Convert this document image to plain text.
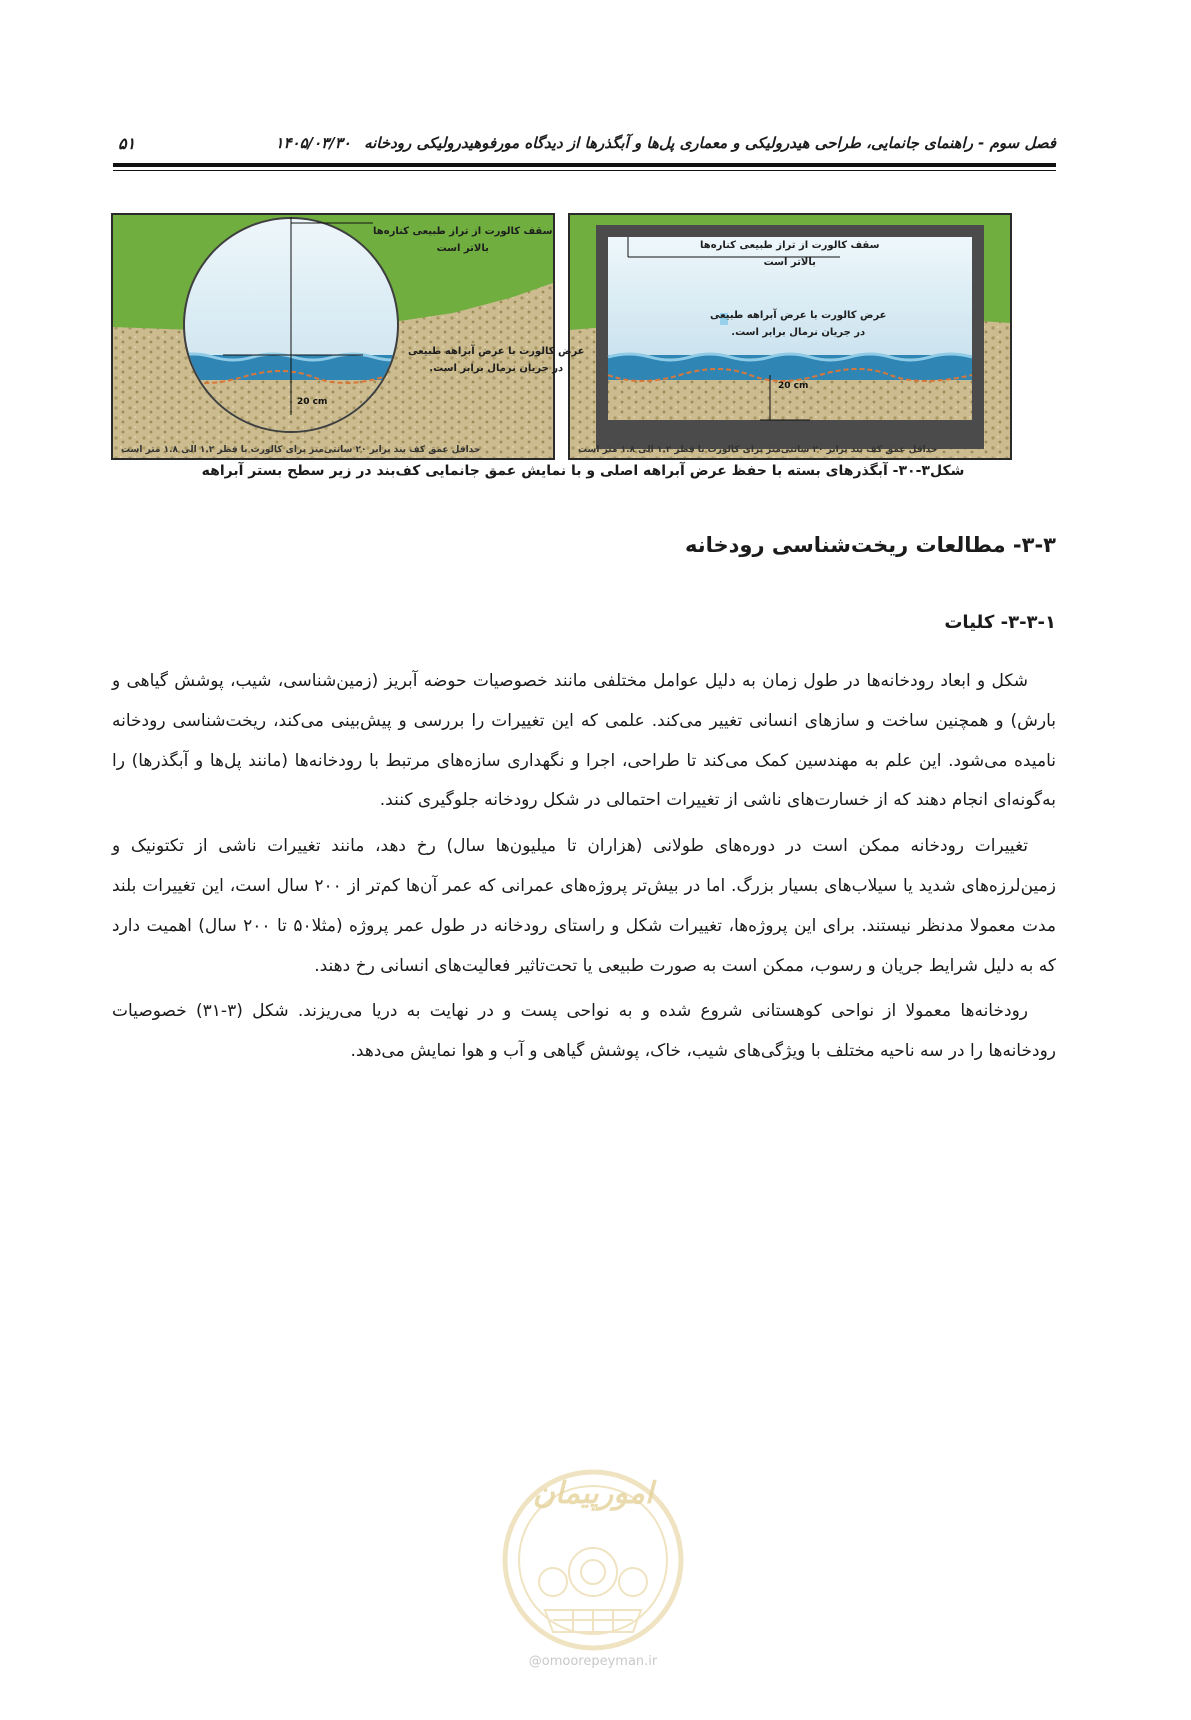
فصل سوم - راهنمای جانمایی، طراحی هیدرولیکی و معماری پل‌ها و آبگذرها از دیدگاه مورفوهیدرولیکی رودخانه ۱۴۰۵/۰۳/۳۰
۵۱
سقف کالورت از تراز طبیعی کناره‌ها
بالاتر است
عرض کالورت با عرض آبراهه طبیعی
در جریان نرمال برابر است.
20 cm
حداقل عمق کف بند برابر ۲۰ سانتی‌متر برای کالورت با قطر ۱.۲ الی ۱.۸ متر است
سقف کالورت از تراز طبیعی کناره‌ها
بالاتر است
عرض کالورت با عرض آبراهه طبیعی
در جریان نرمال برابر است.
20 cm
حداقل عمق کف بند برابر ۲۰ سانتی‌متر برای کالورت با قطر ۱.۲ الی ۱.۸ متر است
شکل۳-۳۰- آبگذرهای بسته با حفظ عرض آبراهه اصلی و با نمایش عمق جانمایی کف‌بند در زیر سطح بستر آبراهه
۳-۳- مطالعات ریخت‌شناسی رودخانه
۳-۳-۱- کلیات

شکل و ابعاد رودخانه‌ها در طول زمان به دلیل عوامل مختلفی مانند خصوصیات حوضه آبریز (زمین‌شناسی، شیب، پوشش گیاهی و بارش) و همچنین ساخت و سازهای انسانی تغییر می‌کند. علمی که این تغییرات را بررسی و پیش‌بینی می‌کند، ریخت‌شناسی رودخانه نامیده می‌شود. این علم به مهندسین کمک می‌کند تا طراحی، اجرا و نگهداری سازه‌های مرتبط با رودخانه‌ها (مانند پل‌ها و آبگذرها) را به‌گونه‌ای انجام دهند که از خسارت‌های ناشی از تغییرات احتمالی در شکل رودخانه جلوگیری کنند.

تغییرات رودخانه ممکن است در دوره‌های طولانی (هزاران تا میلیون‌ها سال) رخ دهد، مانند تغییرات ناشی از تکتونیک و زمین‌لرزه‌های شدید یا سیلاب‌های بسیار بزرگ. اما در بیش‌تر پروژه‌های عمرانی که عمر آن‌ها کم‌تر از ۲۰۰ سال است، این تغییرات بلند مدت معمولا مدنظر نیستند. برای این پروژه‌ها، تغییرات شکل و راستای رودخانه در طول عمر پروژه (مثلا۵۰ تا ۲۰۰ سال) اهمیت دارد که به دلیل شرایط جریان و رسوب، ممکن است به صورت طبیعی یا تحت‌تاثیر فعالیت‌های انسانی رخ دهند.

رودخانه‌ها معمولا از نواحی کوهستانی شروع شده و به نواحی پست و در نهایت به دریا می‌ریزند. شکل (۳-۳۱) خصوصیات رودخانه‌ها را در سه ناحیه مختلف با ویژگی‌های شیب، خاک، پوشش گیاهی و آب و هوا نمایش می‌دهد.

امورپیمان
@omoorepeyman.ir
